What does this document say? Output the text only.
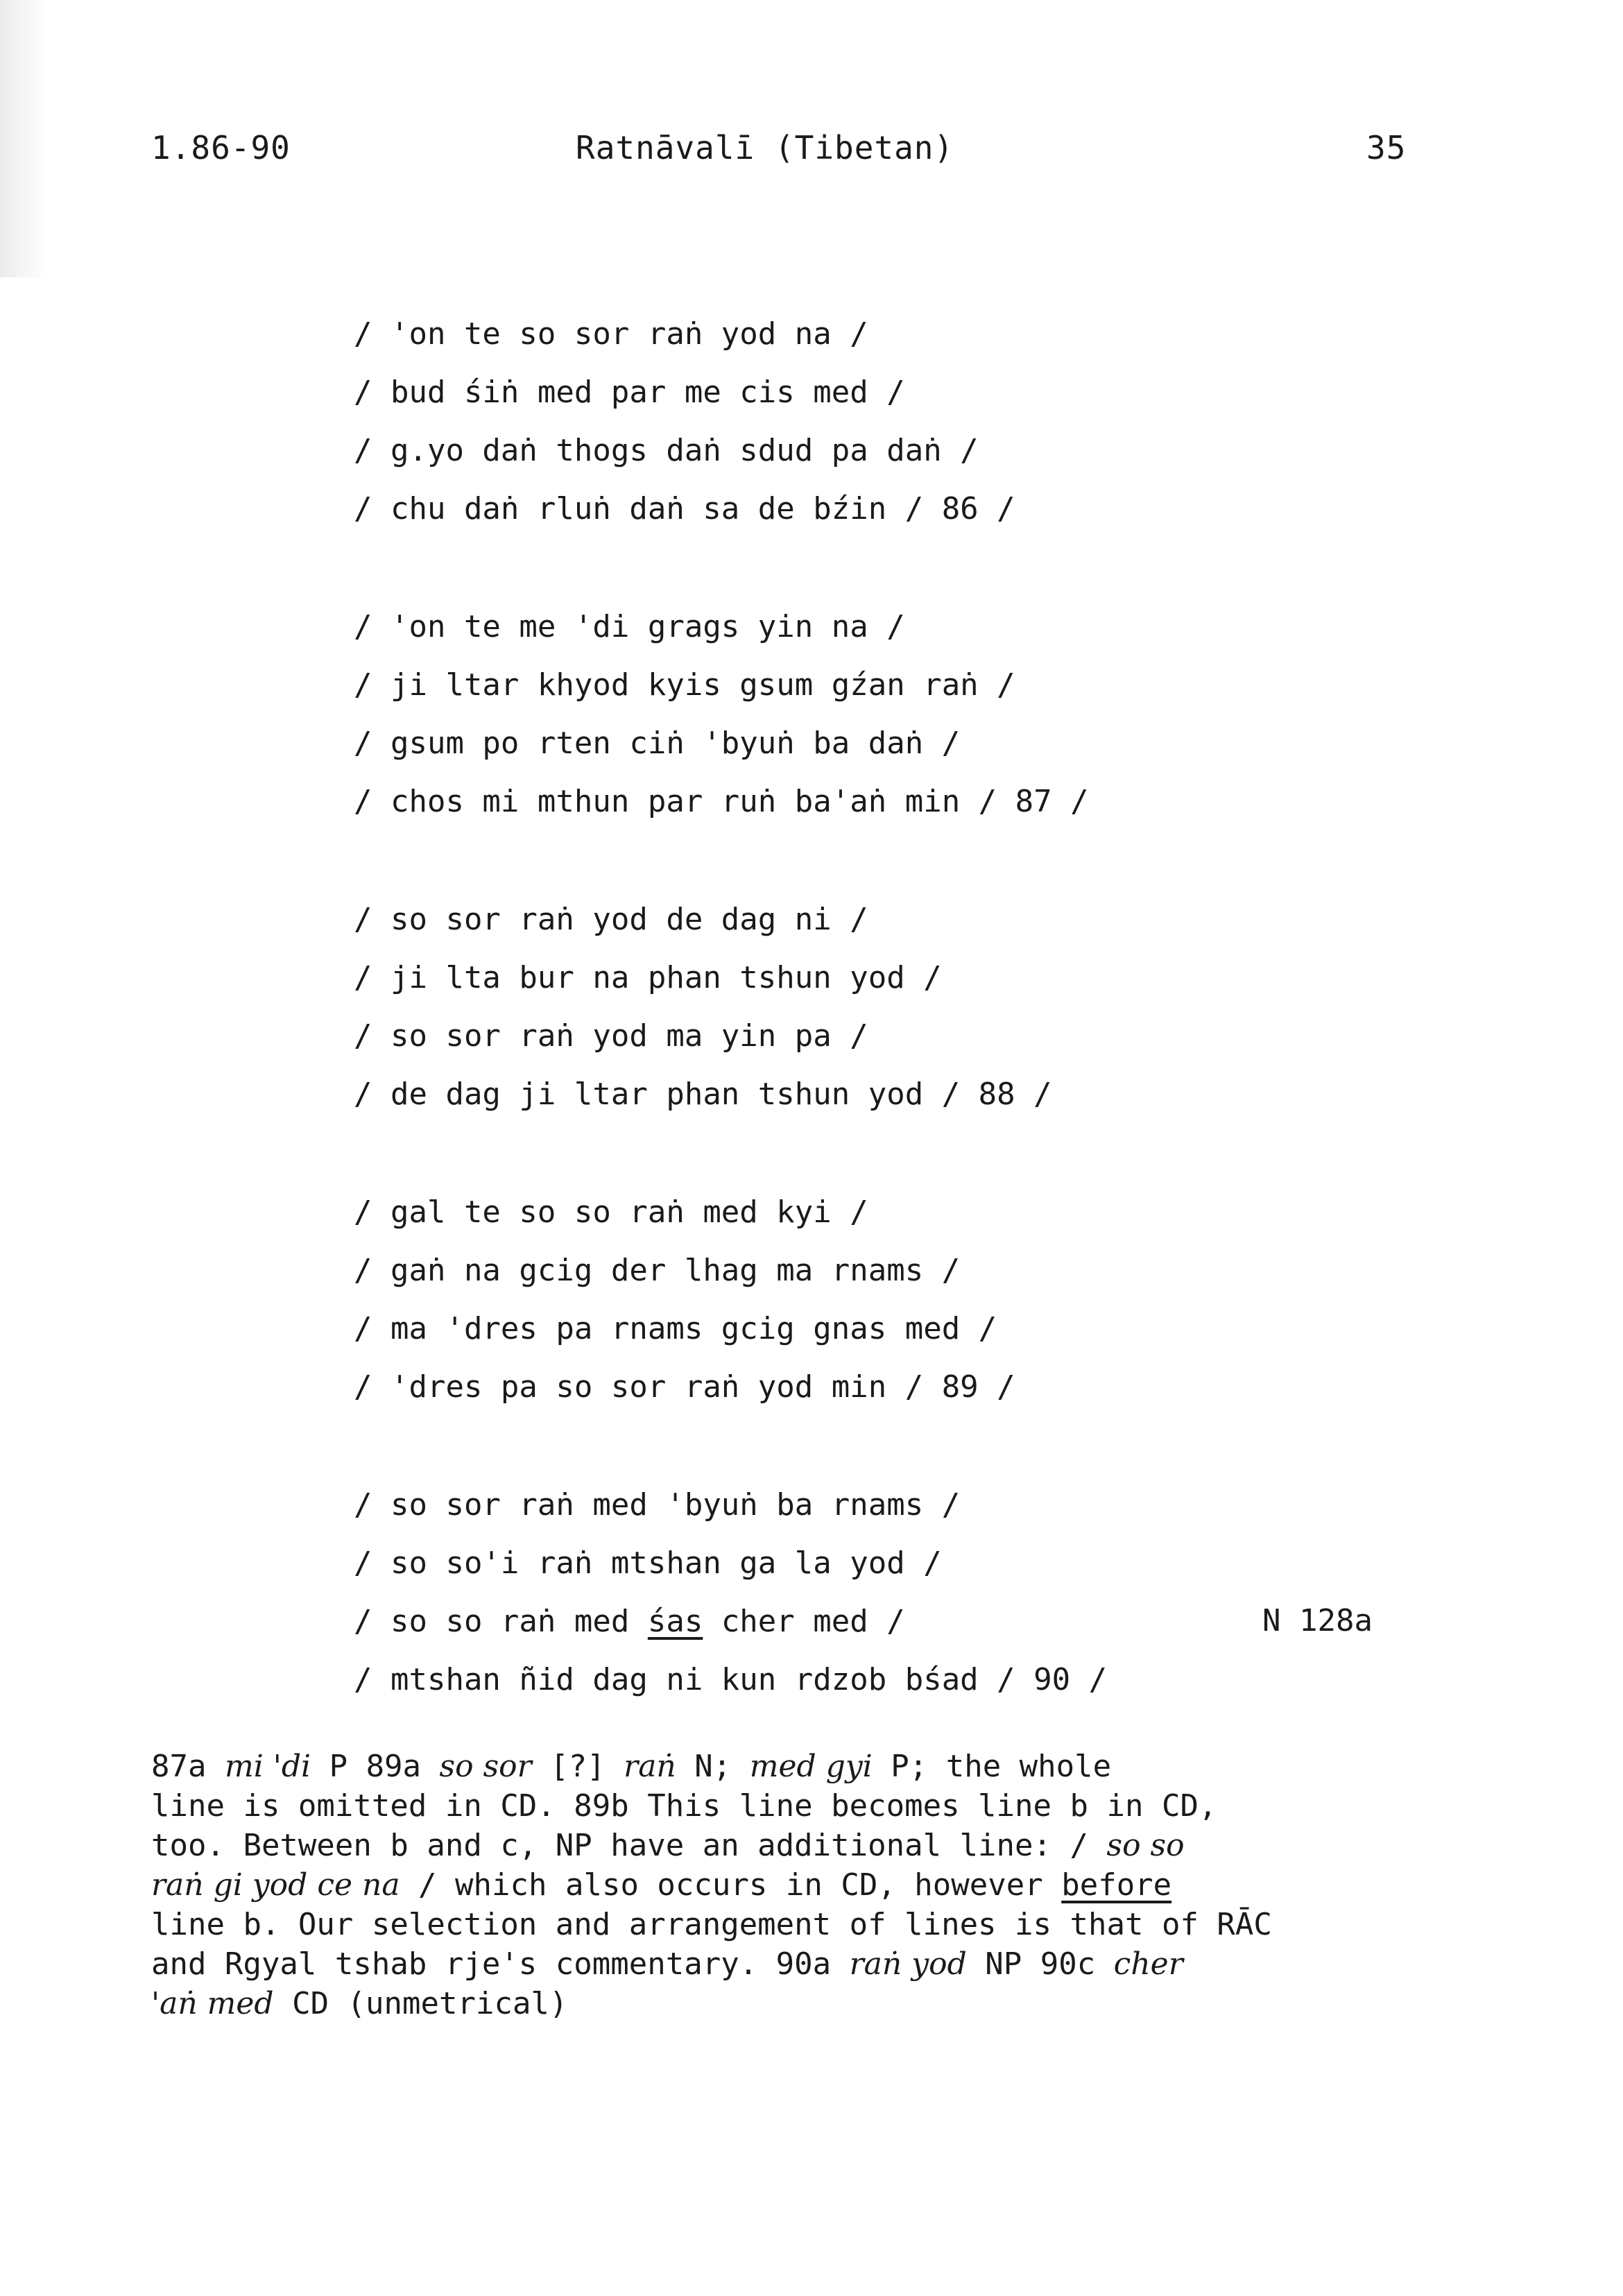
1.86-90	Ratnāvalī (Tibetan)	35
/ 'on te so sor raṅ yod na /
/ bud śiṅ med par me cis med /
/ g.yo daṅ thogs daṅ sdud pa daṅ /
/ chu daṅ rluṅ daṅ sa de bźin / 86 /
/ 'on te me 'di grags yin na /
/ ji ltar khyod kyis gsum gźan raṅ /
/ gsum po rten ciṅ 'byuṅ ba daṅ /
/ chos mi mthun par ruṅ ba'aṅ min / 87 /
/ so sor raṅ yod de dag ni /
/ ji lta bur na phan tshun yod /
/ so sor raṅ yod ma yin pa /
/ de dag ji ltar phan tshun yod / 88 /
/ gal te so so raṅ med kyi /
/ gaṅ na gcig der lhag ma rnams /
/ ma 'dres pa rnams gcig gnas med /
/ 'dres pa so sor raṅ yod min / 89 /
/ so sor raṅ med 'byuṅ ba rnams /
/ so so'i raṅ mtshan ga la yod /
/ so so raṅ med śas cher med /
/ mtshan ñid dag ni kun rdzob bśad / 90 /
N 128a

87a mi 'di P 89a so sor [?] raṅ N; med gyi P; the whole

line is omitted in CD. 89b This line becomes line b in CD,

too. Between b and c, NP have an additional line: / so so

raṅ gi yod ce na / which also occurs in CD, however before

line b. Our selection and arrangement of lines is that of RĀC

and Rgyal tshab rje's commentary. 90a raṅ yod NP 90c cher

'aṅ med CD (unmetrical)
